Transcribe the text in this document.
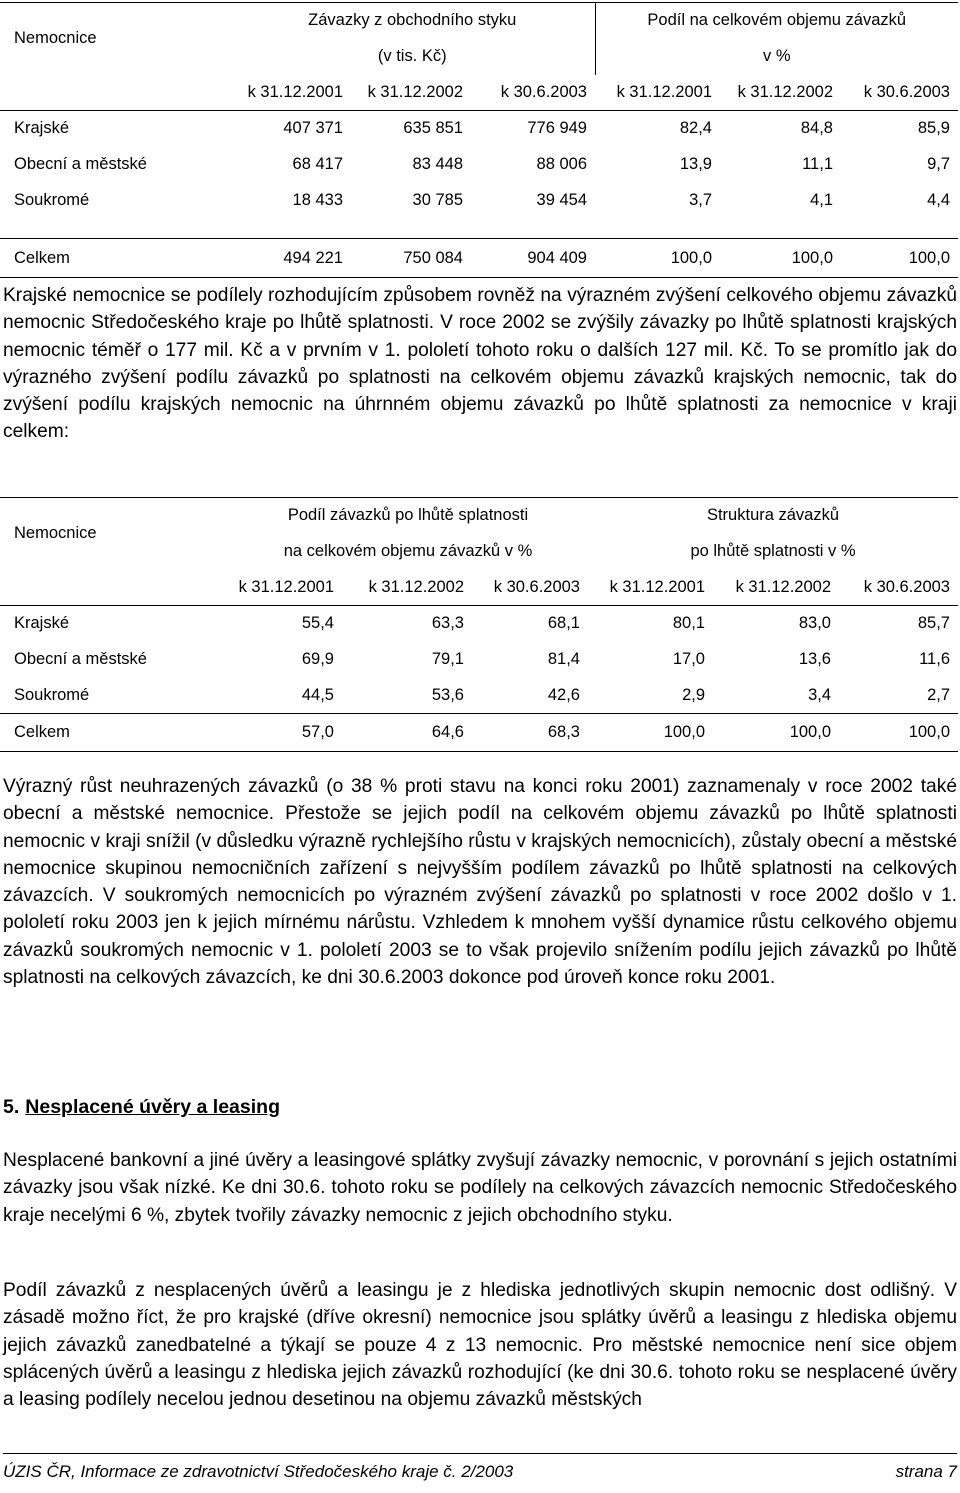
Nemocnice	Závazky z obchodního styku			Podíl na celkovém objemu závazků		
	(v tis. Kč)			v %		
	k 31.12.2001	k 31.12.2002	k 30.6.2003	k 31.12.2001	k 31.12.2002	k 30.6.2003
Krajské	407 371	635 851	776 949	82,4	84,8	85,9
Obecní a městské	68 417	83 448	88 006	13,9	11,1	9,7
Soukromé	18 433	30 785	39 454	3,7	4,1	4,4

Celkem	494 221	750 084	904 409	100,0	100,0	100,0

Krajské nemocnice se podílely rozhodujícím způsobem rovněž na výrazném zvýšení celkového objemu závazků nemocnic Středočeského kraje po lhůtě splatnosti. V roce 2002 se zvýšily závazky po lhůtě splatnosti krajských nemocnic téměř o 177 mil. Kč a v prvním v 1. pololetí tohoto roku o dalších 127 mil. Kč. To se promítlo jak do výrazného zvýšení podílu závazků po splatnosti na celkovém objemu závazků krajských nemocnic, tak do zvýšení podílu krajských nemocnic na úhrnném objemu závazků po lhůtě splatnosti za nemocnice v kraji celkem:

Nemocnice	Podíl závazků po lhůtě splatnosti			Struktura závazků		
	na celkovém objemu závazků v %			po lhůtě splatnosti v %		
	k 31.12.2001	k 31.12.2002	k 30.6.2003	k 31.12.2001	k 31.12.2002	k 30.6.2003
Krajské	55,4	63,3	68,1	80,1	83,0	85,7
Obecní a městské	69,9	79,1	81,4	17,0	13,6	11,6
Soukromé	44,5	53,6	42,6	2,9	3,4	2,7
Celkem	57,0	64,6	68,3	100,0	100,0	100,0

Výrazný růst neuhrazených závazků (o 38 % proti stavu na konci roku 2001) zaznamenaly v roce 2002 také obecní a městské nemocnice. Přestože se jejich podíl na celkovém objemu závazků po lhůtě splatnosti nemocnic v kraji snížil (v důsledku výrazně rychlejšího růstu v krajských nemocnicích), zůstaly obecní a městské nemocnice skupinou nemocničních zařízení s nejvyšším podílem závazků po lhůtě splatnosti na celkových závazcích. V soukromých nemocnicích po výrazném zvýšení závazků po splatnosti v roce 2002 došlo v 1. pololetí roku 2003 jen k jejich mírnému nárůstu. Vzhledem k mnohem vyšší dynamice růstu celkového objemu závazků soukromých nemocnic v 1. pololetí 2003 se to však projevilo snížením podílu jejich závazků po lhůtě splatnosti na celkových závazcích, ke dni 30.6.2003 dokonce pod úroveň konce roku 2001.

5. Nesplacené úvěry a leasing

Nesplacené bankovní a jiné úvěry a leasingové splátky zvyšují závazky nemocnic, v porovnání s jejich ostatními závazky jsou však nízké. Ke dni 30.6. tohoto roku se podílely na celkových závazcích nemocnic Středočeského kraje necelými 6 %, zbytek tvořily závazky nemocnic z jejich obchodního styku.

Podíl závazků z nesplacených úvěrů a leasingu je z hlediska jednotlivých skupin nemocnic dost odlišný. V zásadě možno říct, že pro krajské (dříve okresní) nemocnice jsou splátky úvěrů a leasingu z hlediska objemu jejich závazků zanedbatelné a týkají se pouze 4 z 13 nemocnic. Pro městské nemocnice není sice objem splácených úvěrů a leasingu z hlediska jejich závazků rozhodující (ke dni 30.6. tohoto roku se nesplacené úvěry a leasing podílely necelou jednou desetinou na objemu závazků městských

ÚZIS ČR, Informace ze zdravotnictví Středočeského kraje č. 2/2003	strana 7
